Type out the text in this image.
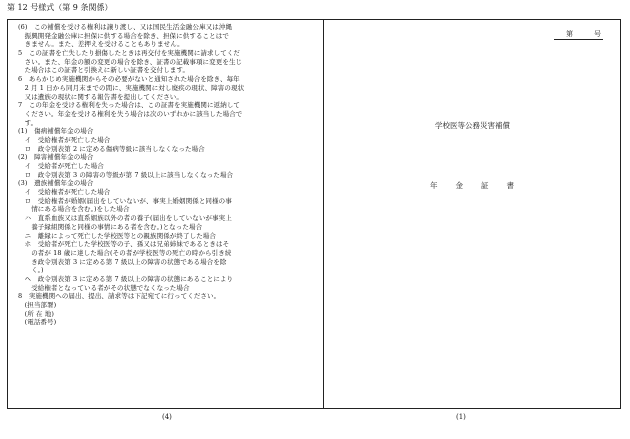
第 12 号様式（第 9 条関係）
(6)　この補償を受ける権利は譲り渡し、又は国民生活金融公庫又は沖縄
　振興開発金融公庫に担保に供する場合を除き、担保に供することはで
　きません。また、差押えを受けることもありません。
5　この証書を亡失したり損傷したときは再交付を実施機関に請求してくだ
　さい。また、年金の額の変更の場合を除き、証書の記載事項に変更を生じ
　た場合はこの証書と引換えに新しい証書を交付します。
6　あらかじめ実施機関からその必要がないと通知された場合を除き、毎年
　2 月 1 日から同月末までの間に、実施機関に対し廃疾の現状、障害の現状
　又は遺族の現状に関する報告書を提出してください。
7　この年金を受ける権利を失った場合は、この証書を実施機関に返納して
　ください。年金を受ける権利を失う場合は次のいずれかに該当した場合で
　す。
(1)　傷病補償年金の場合
　イ　受給権者が死亡した場合
　ロ　政令別表第 2 に定める傷病等級に該当しなくなった場合
(2)　障害補償年金の場合
　イ　受給者が死亡した場合
　ロ　政令別表第 3 の障害の等級が第 7 級以上に該当しなくなった場合
(3)　遺族補償年金の場合
　イ　受給権者が死亡した場合
　ロ　受給権者が婚姻(届出をしていないが、事実上婚姻関係と同様の事
　　情にある場合を含む。)をした場合
　ハ　直系血族又は直系姻族以外の者の養子(届出をしていないが事実上
　　養子縁組関係と同様の事情にある者を含む。)となった場合
　ニ　離縁によって死亡した学校医等との親族関係が終了した場合
　ホ　受給者が死亡した学校医等の子、孫又は兄弟姉妹であるときはそ
　　の者が 18 歳に達した場合(その者が学校医等の死亡の時から引き続
　　き政令別表第 3 に定める第 7 級以上の障害の状態である場合を除
　　く。)
　ヘ　政令別表第 3 に定める第 7 級以上の障害の状態にあることにより
　　受給権者となっている者がその状態でなくなった場合
8　実施機関への届出、提出、請求等は下記宛てに行ってください。
　(担当部署)
　(所 在 地)
　(電話番号)
第　　　号
学校医等公務災害補償
年　　金　　証　　書
(4)	(1)
